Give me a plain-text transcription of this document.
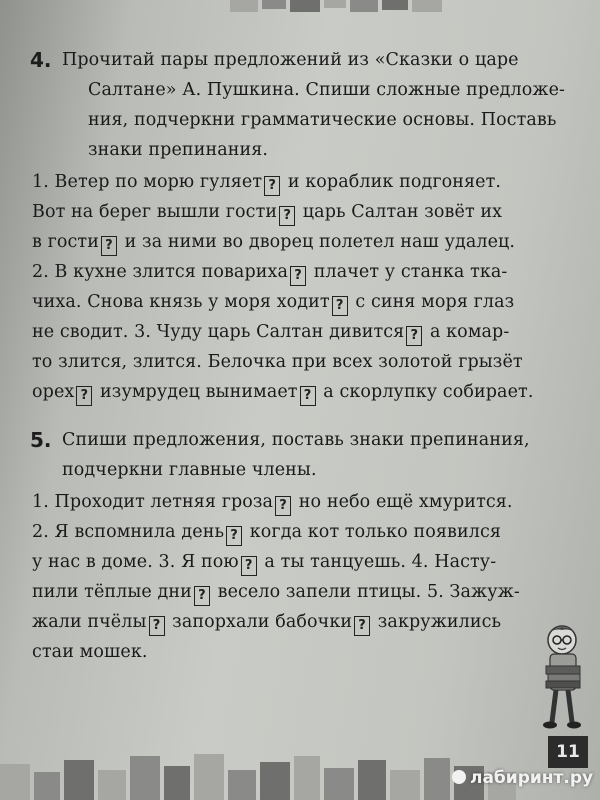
4. Прочитай пары предложений из «Сказки о царе
Салтане» А. Пушкина. Спиши сложные предложе-
ния, подчеркни грамматические основы. Поставь
знаки препинания.
1. Ветер по морю гуляет ? и кораблик подгоняет.
Вот на берег вышли гости ? царь Салтан зовёт их
в гости ? и за ними во дворец полетел наш удалец.
2. В кухне злится повариха ? плачет у станка тка-
чиха. Снова князь у моря ходит ? с синя моря глаз
не сводит. 3. Чуду царь Салтан дивится ? а комар-
то злится, злится. Белочка при всех золотой грызёт
орех ? изумрудец вынимает ? а скорлупку собирает.
5. Спиши предложения, поставь знаки препинания,
подчеркни главные члены.
1. Проходит летняя гроза ? но небо ещё хмурится.
2. Я вспомнила день ? когда кот только появился
у нас в доме. 3. Я пою ? а ты танцуешь. 4. Насту-
пили тёплые дни ? весело запели птицы. 5. Зажуж-
жали пчёлы ? запорхали бабочки ? закружились
стаи мошек.
11
лабиринт.ру
